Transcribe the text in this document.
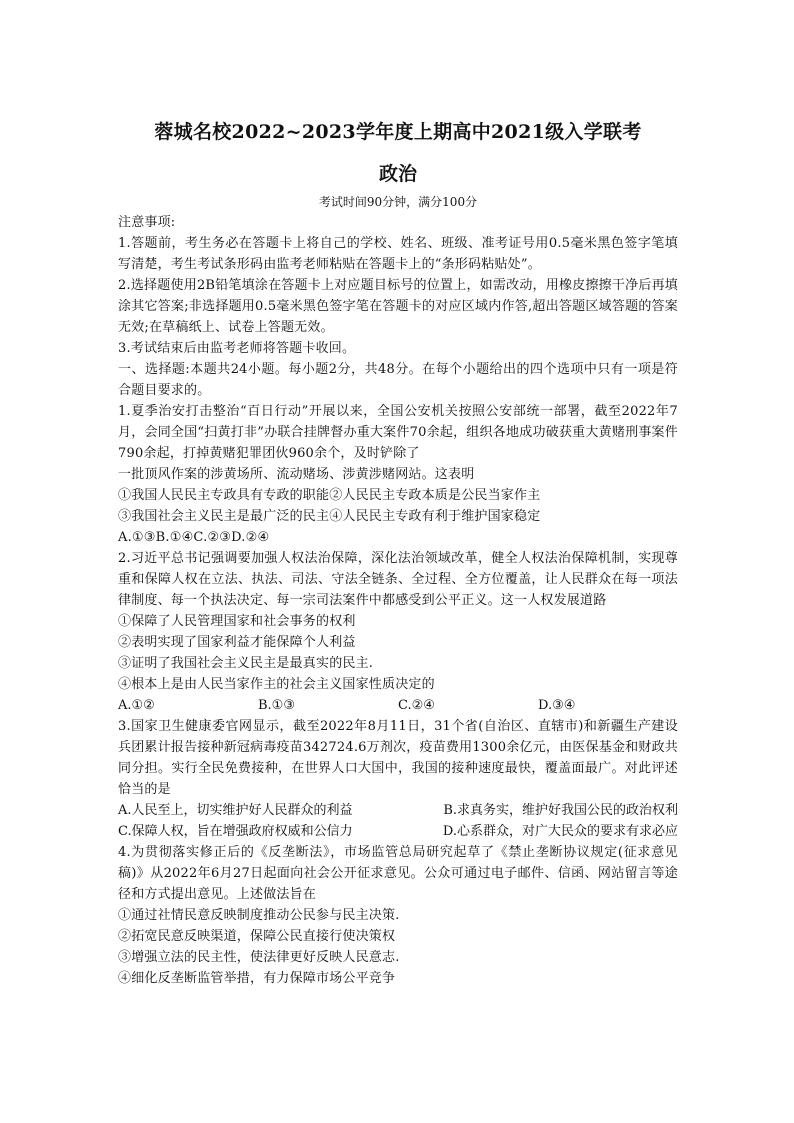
蓉城名校2022~2023学年度上期高中2021级入学联考

政治

考试时间90分钟，满分100分

注意事项:

1.答题前，考生务必在答题卡上将自己的学校、姓名、班级、准考证号用0.5毫米黑色签字笔填写清楚，考生考试条形码由监考老师粘贴在答题卡上的“条形码粘贴处”。

2.选择题使用2B铅笔填涂在答题卡上对应题目标号的位置上，如需改动，用橡皮擦擦干净后再填涂其它答案;非选择题用0.5毫米黑色签字笔在答题卡的对应区域内作答,超出答题区域答题的答案无效;在草稿纸上、试卷上答题无效。

3.考试结束后由监考老师将答题卡收回。

一、选择题:本题共24小题。每小题2分，共48分。在每个小题给出的四个选项中只有一项是符合题目要求的。

1.夏季治安打击整治“百日行动”开展以来，全国公安机关按照公安部统一部署，截至2022年7月，会同全国“扫黄打非”办联合挂牌督办重大案件70余起，组织各地成功破获重大黄赌刑事案件790余起，打掉黄赌犯罪团伙960余个，及时铲除了

一批顶风作案的涉黄场所、流动赌场、涉黄涉赌网站。这表明

①我国人民民主专政具有专政的职能②人民民主专政本质是公民当家作主

③我国社会主义民主是最广泛的民主④人民民主专政有利于维护国家稳定

A.①③B.①④C.②③D.②④

2.习近平总书记强调要加强人权法治保障，深化法治领域改革，健全人权法治保障机制，实现尊重和保障人权在立法、执法、司法、守法全链条、全过程、全方位覆盖，让人民群众在每一项法律制度、每一个执法决定、每一宗司法案件中都感受到公平正义。这一人权发展道路

①保障了人民管理国家和社会事务的权利

②表明实现了国家利益才能保障个人利益

③证明了我国社会主义民主是最真实的民主.

④根本上是由人民当家作主的社会主义国家性质决定的

A.①②	B.①③	C.②④	D.③④

3.国家卫生健康委官网显示，截至2022年8月11日，31个省(自治区、直辖市)和新疆生产建设兵团累计报告接种新冠病毒疫苗342724.6万剂次，疫苗费用1300余亿元，由医保基金和财政共同分担。实行全民免费接种，在世界人口大国中，我国的接种速度最快，覆盖面最广。对此评述恰当的是

A.人民至上，切实维护好人民群众的利益	B.求真务实，维护好我国公民的政治权利
C.保障人权，旨在增强政府权威和公信力	D.心系群众，对广大民众的要求有求必应

4.为贯彻落实修正后的《反垄断法》，市场监管总局研究起草了《禁止垄断协议规定(征求意见稿)》从2022年6月27日起面向社会公开征求意见。公众可通过电子邮件、信函、网站留言等途径和方式提出意见。上述做法旨在

①通过社情民意反映制度推动公民参与民主决策.

②拓宽民意反映渠道，保障公民直接行使决策权

③增强立法的民主性，使法律更好反映人民意志.

④细化反垄断监管举措，有力保障市场公平竞争
